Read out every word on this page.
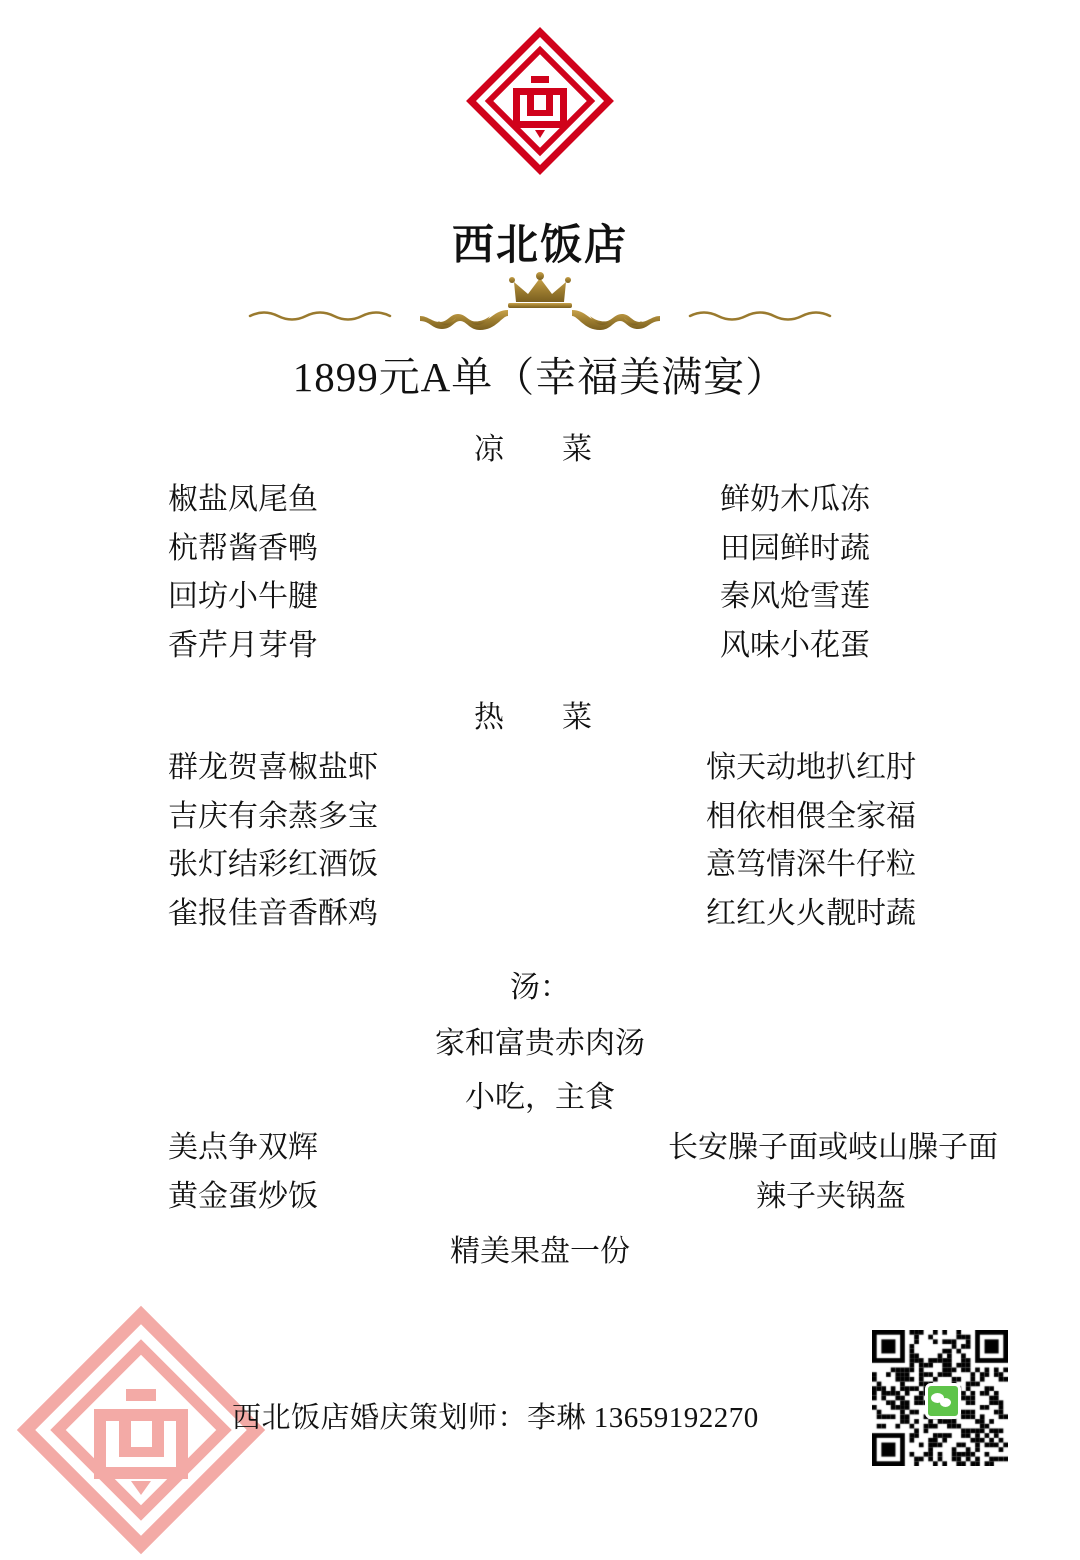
西北饭店
1899元A单（幸福美满宴）
凉　菜
椒盐凤尾鱼	鲜奶木瓜冻
杭帮酱香鸭	田园鲜时蔬
回坊小牛腱	秦风炝雪莲
香芹月芽骨	风味小花蛋
热　菜
群龙贺喜椒盐虾	惊天动地扒红肘
吉庆有余蒸多宝	相依相偎全家福
张灯结彩红酒饭	意笃情深牛仔粒
雀报佳音香酥鸡	红红火火靓时蔬
汤：
家和富贵赤肉汤
小吃，主食
美点争双辉	长安臊子面或岐山臊子面
黄金蛋炒饭	辣子夹锅盔
精美果盘一份
西北饭店婚庆策划师：李琳 13659192270
